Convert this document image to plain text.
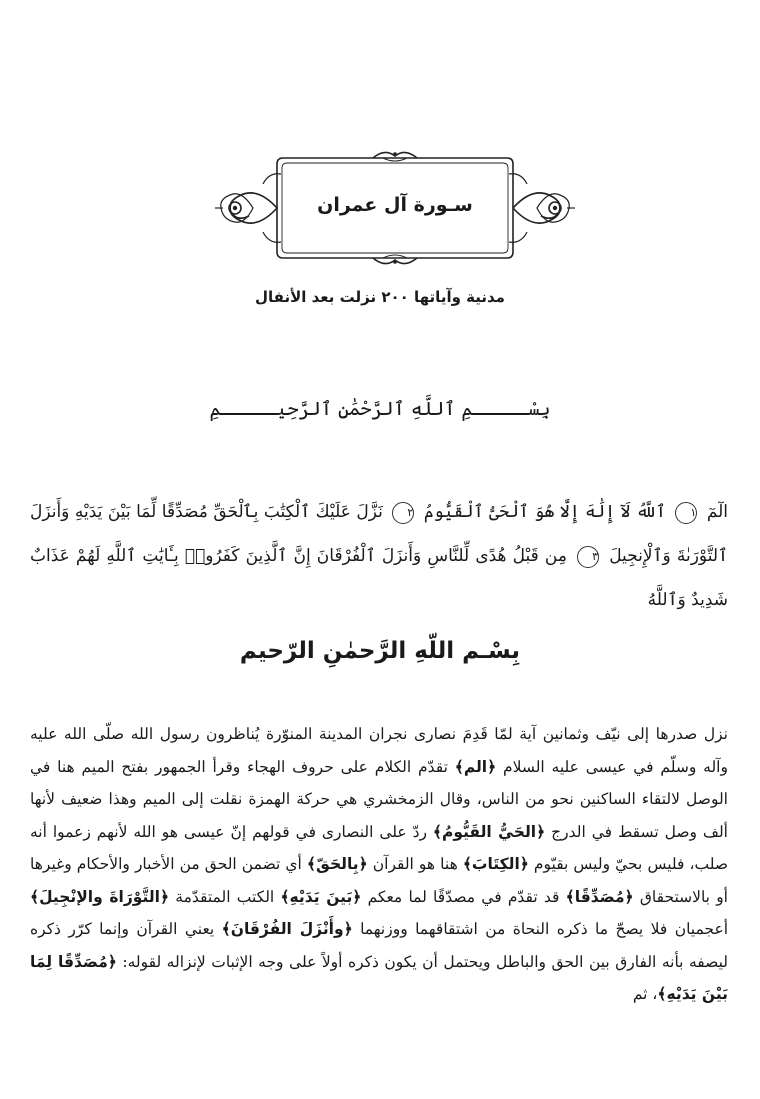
سـورة آل عمران
مدنية وآياتها ٢٠٠ نزلت بعد الأنفال
بِسْـــــمِ ٱللَّهِ ٱلرَّحْمَٰنِ ٱلرَّحِيـــــمِ
الٓمٓ ١ ٱللَّهُ لَآ إِلَٰهَ إِلَّا هُوَ ٱلْحَىُّ ٱلْقَيُّومُ ٢ نَزَّلَ عَلَيْكَ ٱلْكِتَٰبَ بِٱلْحَقِّ مُصَدِّقًا لِّمَا بَيْنَ يَدَيْهِ وَأَنزَلَ ٱلتَّوْرَىٰةَ وَٱلْإِنجِيلَ ٣ مِن قَبْلُ هُدًى لِّلنَّاسِ وَأَنزَلَ ٱلْفُرْقَانَ إِنَّ ٱلَّذِينَ كَفَرُوا۟ بِـَٔايَٰتِ ٱللَّهِ لَهُمْ عَذَابٌ شَدِيدٌ وَٱللَّهُ
بِسْـم اللّهِ الرَّحمٰنِ الرّحيم
نزل صدرها إلى نيّف وثمانين آية لمّا قَدِمَ نصارى نجران المدينة المنوّرة يُناظرون رسول الله صلّى الله عليه وآله وسلّم في عيسى عليه السلام ﴿الم﴾ تقدّم الكلام على حروف الهجاء وقرأ الجمهور بفتح الميم هنا في الوصل لالتقاء الساكنين نحو من الناس، وقال الزمخشري هي حركة الهمزة نقلت إلى الميم وهذا ضعيف لأنها ألف وصل تسقط في الدرج ﴿الحَيُّ القَيُّومُ﴾ ردّ على النصارى في قولهم إنّ عيسى هو الله لأنهم زعموا أنه صلب، فليس بحيّ وليس بقيّوم ﴿الكِتَابَ﴾ هنا هو القرآن ﴿بِالحَقّ﴾ أي تضمن الحق من الأخبار والأحكام وغيرها أو بالاستحقاق ﴿مُصَدِّقًا﴾ قد تقدّم في مصدّقًا لما معكم ﴿بَينَ يَدَيْهِ﴾ الكتب المتقدّمة ﴿التَّوْرَاةَ والإنْجِيلَ﴾ أعجميان فلا يصحّ ما ذكره النحاة من اشتقاقهما ووزنهما ﴿وأَنْزَلَ الفُرْقَانَ﴾ يعني القرآن وإنما كرّر ذكره ليصفه بأنه الفارق بين الحق والباطل ويحتمل أن يكون ذكره أولاً على وجه الإثبات لإنزاله لقوله: ﴿مُصَدِّقًا لِمَا بَيْنَ يَدَيْهِ﴾، ثم
